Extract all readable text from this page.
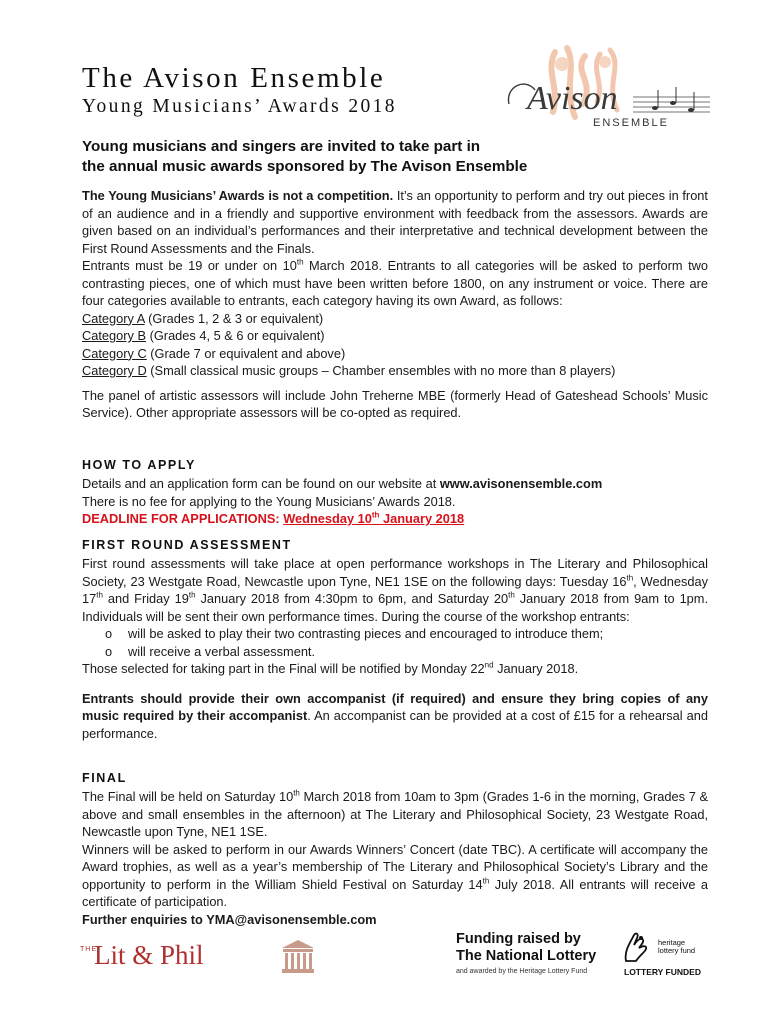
The Avison Ensemble
Young Musicians’ Awards 2018	Avison
ENSEMBLE
Young musicians and singers are invited to take part in
the annual music awards sponsored by The Avison Ensemble

The Young Musicians’ Awards is not a competition. It’s an opportunity to perform and try out pieces in front of an audience and in a friendly and supportive environment with feedback from the assessors. Awards are given based on an individual’s performances and their interpretative and technical development between the First Round Assessments and the Finals.

Entrants must be 19 or under on 10th March 2018. Entrants to all categories will be asked to perform two contrasting pieces, one of which must have been written before 1800, on any instrument or voice. There are four categories available to entrants, each category having its own Award, as follows:

Category A (Grades 1, 2 & 3 or equivalent)
Category B (Grades 4, 5 & 6 or equivalent)
Category C (Grade 7 or equivalent and above)
Category D (Small classical music groups – Chamber ensembles with no more than 8 players)

The panel of artistic assessors will include John Treherne MBE (formerly Head of Gateshead Schools’ Music Service). Other appropriate assessors will be co-opted as required.

HOW TO APPLY
Details and an application form can be found on our website at www.avisonensemble.com
There is no fee for applying to the Young Musicians’ Awards 2018.
DEADLINE FOR APPLICATIONS: Wednesday 10th January 2018
FIRST ROUND ASSESSMENT

First round assessments will take place at open performance workshops in The Literary and Philosophical Society, 23 Westgate Road, Newcastle upon Tyne, NE1 1SE on the following days: Tuesday 16th, Wednesday 17th and Friday 19th January 2018 from 4:30pm to 6pm, and Saturday 20th January 2018 from 9am to 1pm. Individuals will be sent their own performance times. During the course of the workshop entrants:

o will be asked to play their two contrasting pieces and encouraged to introduce them;
o will receive a verbal assessment.
Those selected for taking part in the Final will be notified by Monday 22nd January 2018.

Entrants should provide their own accompanist (if required) and ensure they bring copies of any music required by their accompanist. An accompanist can be provided at a cost of £15 for a rehearsal and performance.

FINAL

The Final will be held on Saturday 10th March 2018 from 10am to 3pm (Grades 1-6 in the morning, Grades 7 & above and small ensembles in the afternoon) at The Literary and Philosophical Society, 23 Westgate Road, Newcastle upon Tyne, NE1 1SE.

Winners will be asked to perform in our Awards Winners’ Concert (date TBC). A certificate will accompany the Award trophies, as well as a year’s membership of The Literary and Philosophical Society’s Library and the opportunity to perform in the William Shield Festival on Saturday 14th July 2018. All entrants will receive a certificate of participation.

Further enquiries to YMA@avisonensemble.com
THE
Lit & Phil
Funding raised by
The National Lottery
and awarded by the Heritage Lottery Fund
heritage lottery fund
LOTTERY FUNDED
